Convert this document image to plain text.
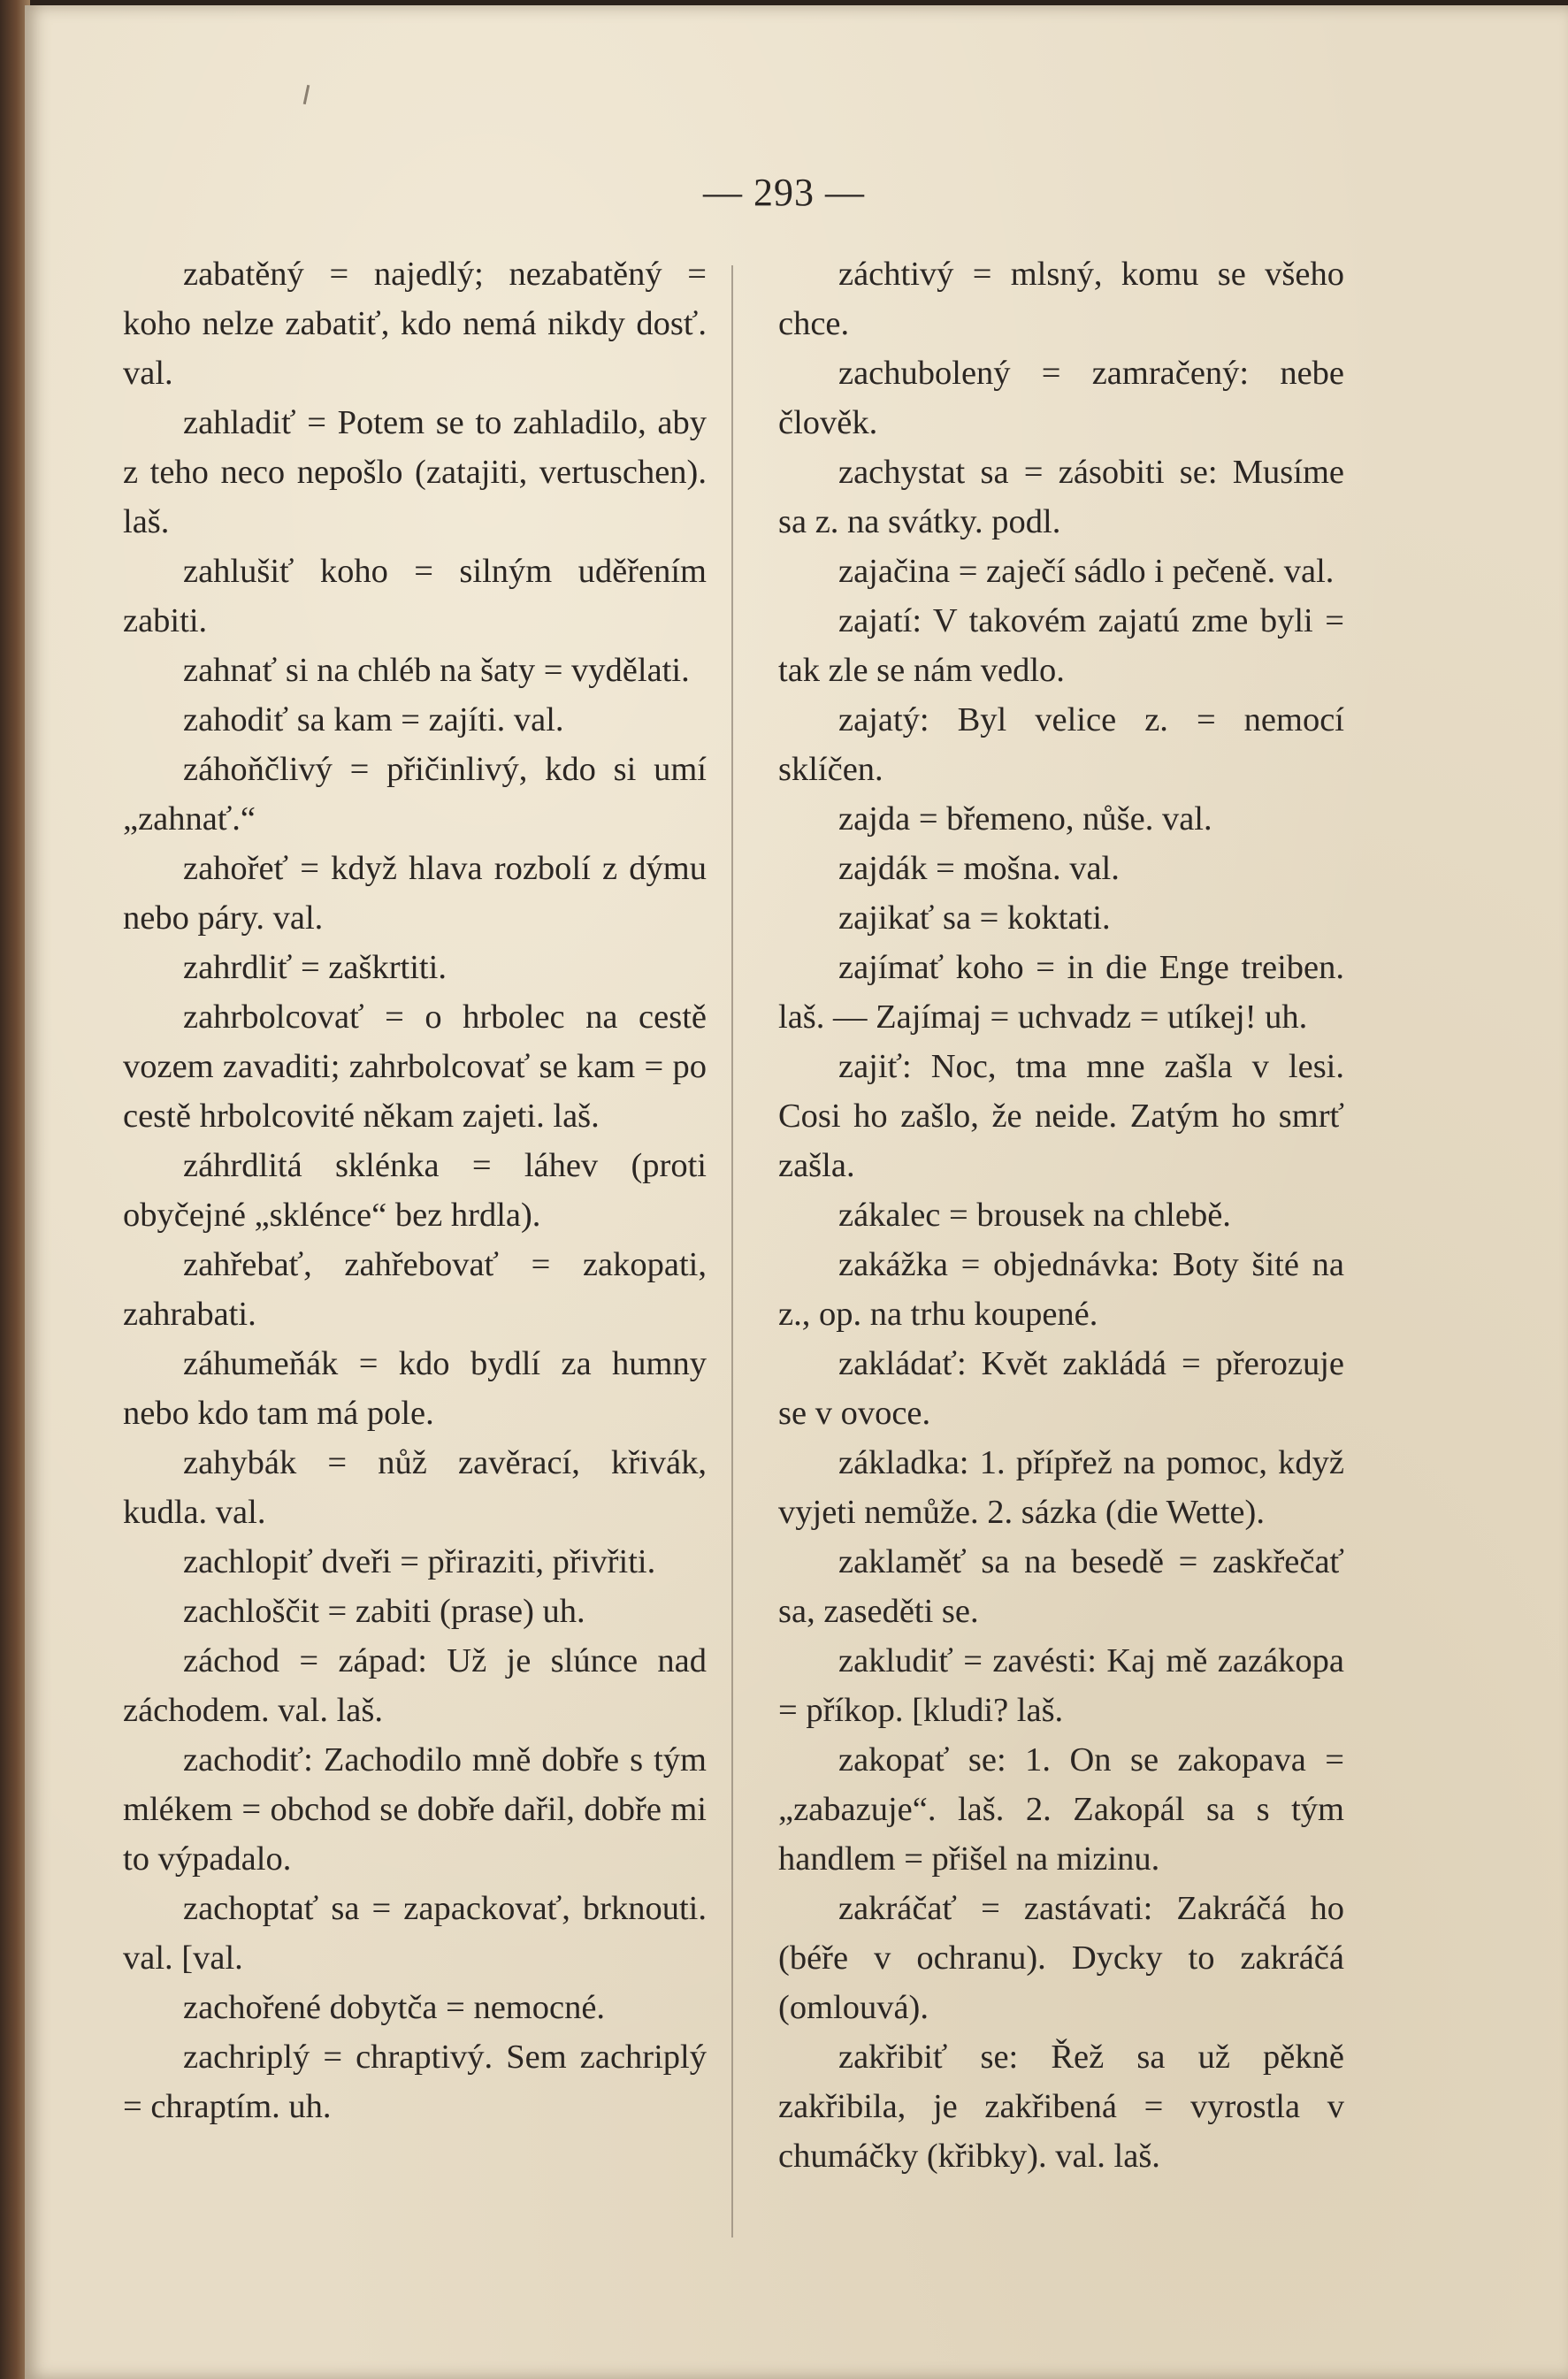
— 293 —

zabatěný = najedlý; nezabatěný = koho nelze zabatiť, kdo nemá nikdy dosť. val.

zahladiť = Potem se to zahladilo, aby z teho neco nepošlo (zatajiti, vertuschen). laš.

zahlušiť koho = silným uděřením zabiti.

zahnať si na chléb na šaty = vydělati.

zahodiť sa kam = zajíti. val.

záhoňčlivý = přičinlivý, kdo si umí „zahnať.“

zahořeť = když hlava rozbolí z dýmu nebo páry. val.

zahrdliť = zaškrtiti.

zahrbolcovať = o hrbolec na cestě vozem zavaditi; zahrbolcovať se kam = po cestě hrbolcovité někam zajeti. laš.

záhrdlitá sklénka = láhev (proti obyčejné „sklénce“ bez hrdla).

zahřebať, zahřebovať = zakopati, zahrabati.

záhumeňák = kdo bydlí za humny nebo kdo tam má pole.

zahybák = nůž zavěrací, křivák, kudla. val.

zachlopiť dveři = přiraziti, přivřiti.

zachloščit = zabiti (prase) uh.

záchod = západ: Už je slúnce nad záchodem. val. laš.

zachodiť: Zachodilo mně dobře s tým mlékem = obchod se dobře dařil, dobře mi to výpadalo.

zachoptať sa = zapackovať, brknouti. val. [val.

zachořené dobytča = nemocné.

zachriplý = chraptivý. Sem zachriplý = chraptím. uh.

záchtivý = mlsný, komu se všeho chce.

zachubolený = zamračený: nebe člověk.

zachystat sa = zásobiti se: Musíme sa z. na svátky. podl.

zajačina = zaječí sádlo i pečeně. val.

zajatí: V takovém zajatú zme byli = tak zle se nám vedlo.

zajatý: Byl velice z. = nemocí sklíčen.

zajda = břemeno, nůše. val.

zajdák = mošna. val.

zajikať sa = koktati.

zajímať koho = in die Enge treiben. laš. — Zajímaj = uchvadz = utíkej! uh.

zajiť: Noc, tma mne zašla v lesi. Cosi ho zašlo, že neide. Zatým ho smrť zašla.

zákalec = brousek na chlebě.

zakážka = objednávka: Boty šité na z., op. na trhu koupené.

zakládať: Květ zakládá = přerozuje se v ovoce.

základka: 1. přípřež na pomoc, když vyjeti nemůže. 2. sázka (die Wette).

zaklaměť sa na besedě = zaskřečať sa, zaseděti se.

zakludiť = zavésti: Kaj mě zazákopa = příkop. [kludi? laš.

zakopať se: 1. On se zakopava = „zabazuje“. laš. 2. Zakopál sa s tým handlem = přišel na mizinu.

zakráčať = zastávati: Zakráčá ho (béře v ochranu). Dycky to zakráčá (omlouvá).

zakřibiť se: Řež sa už pěkně zakřibila, je zakřibená = vyrostla v chumáčky (křibky). val. laš.
